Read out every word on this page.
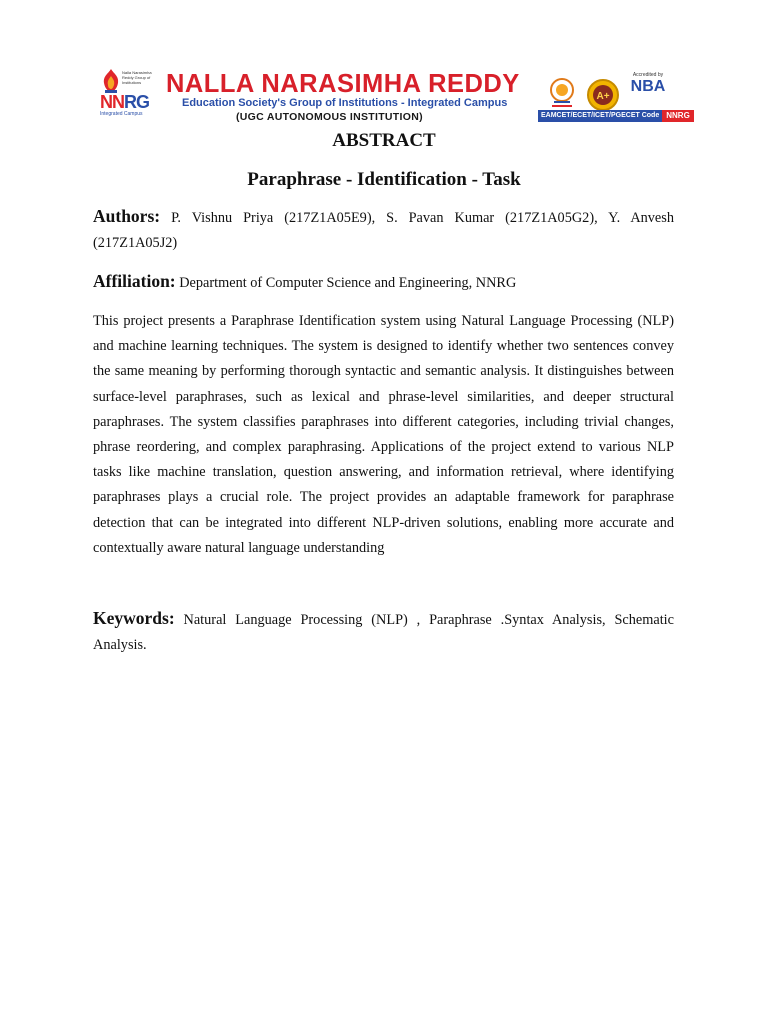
Nalla Narasimha Reddy Group of Institutions
NNRG
Integrated Campus
NALLA NARASIMHA REDDY
Education Society's Group of Institutions - Integrated Campus
(UGC AUTONOMOUS INSTITUTION)
A+
Accredited by
NBA
EAMCET/ECET/ICET/PGECET Code NNRG
ABSTRACT
Paraphrase - Identification - Task
Authors: P. Vishnu Priya (217Z1A05E9), S. Pavan Kumar (217Z1A05G2), Y. Anvesh (217Z1A05J2)
Affiliation: Department of Computer Science and Engineering, NNRG
This project presents a Paraphrase Identification system using Natural Language Processing (NLP) and machine learning techniques. The system is designed to identify whether two sentences convey the same meaning by performing thorough syntactic and semantic analysis. It distinguishes between surface-level paraphrases, such as lexical and phrase-level similarities, and deeper structural paraphrases. The system classifies paraphrases into different categories, including trivial changes, phrase reordering, and complex paraphrasing. Applications of the project extend to various NLP tasks like machine translation, question answering, and information retrieval, where identifying paraphrases plays a crucial role. The project provides an adaptable framework for paraphrase detection that can be integrated into different NLP-driven solutions, enabling more accurate and contextually aware natural language understanding
Keywords: Natural Language Processing (NLP) , Paraphrase .Syntax Analysis, Schematic Analysis.
